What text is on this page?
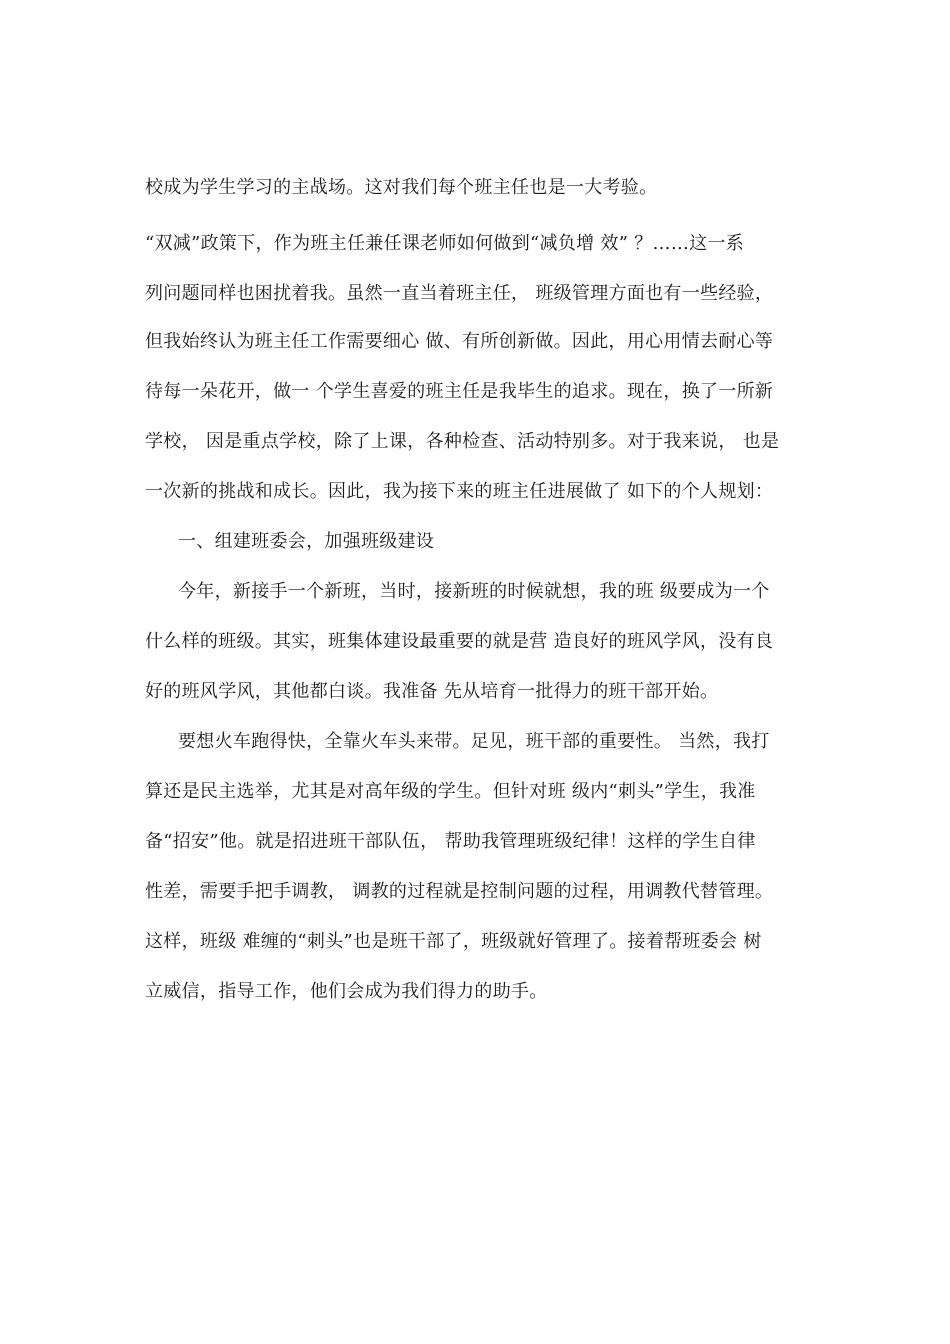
校成为学生学习的主战场。这对我们每个班主任也是一大考验。
“双减”政策下，作为班主任兼任课老师如何做到“减负增 效” ？……这一系
列问题同样也困扰着我。虽然一直当着班主任， 班级管理方面也有一些经验，
但我始终认为班主任工作需要细心 做、有所创新做。因此，用心用情去耐心等
待每一朵花开，做一 个学生喜爱的班主任是我毕生的追求。现在，换了一所新
学校， 因是重点学校，除了上课，各种检查、活动特别多。对于我来说， 也是
一次新的挑战和成长。因此，我为接下来的班主任进展做了 如下的个人规划：
一、组建班委会，加强班级建设
今年，新接手一个新班，当时，接新班的时候就想，我的班 级要成为一个
什么样的班级。其实，班集体建设最重要的就是营 造良好的班风学风，没有良
好的班风学风，其他都白谈。我准备 先从培育一批得力的班干部开始。
要想火车跑得快，全靠火车头来带。足见，班干部的重要性。 当然，我打
算还是民主选举，尤其是对高年级的学生。但针对班 级内“刺头”学生，我准
备“招安”他。就是招进班干部队伍， 帮助我管理班级纪律！这样的学生自律
性差，需要手把手调教， 调教的过程就是控制问题的过程，用调教代替管理。
这样，班级 难缠的“刺头”也是班干部了，班级就好管理了。接着帮班委会 树
立威信，指导工作，他们会成为我们得力的助手。
